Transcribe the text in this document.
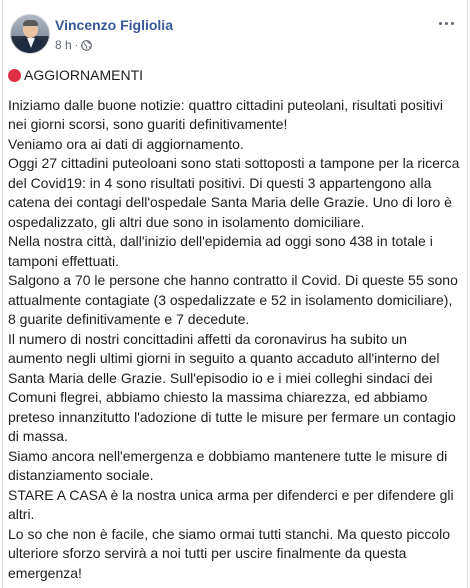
Vincenzo Figliolia
8 h ·
AGGIORNAMENTI

Iniziamo dalle buone notizie: quattro cittadini puteolani, risultati positivi nei giorni scorsi, sono guariti definitivamente!

Veniamo ora ai dati di aggiornamento.

Oggi 27 cittadini puteoloani sono stati sottoposti a tampone per la ricerca del Covid19: in 4 sono risultati positivi. Di questi 3 appartengono alla catena dei contagi dell'ospedale Santa Maria delle Grazie. Uno di loro è ospedalizzato, gli altri due sono in isolamento domiciliare.

Nella nostra città, dall'inizio dell'epidemia ad oggi sono 438 in totale i tamponi effettuati.

Salgono a 70 le persone che hanno contratto il Covid. Di queste 55 sono attualmente contagiate (3 ospedalizzate e 52 in isolamento domiciliare), 8 guarite definitivamente e 7 decedute.

Il numero di nostri concittadini affetti da coronavirus ha subito un aumento negli ultimi giorni in seguito a quanto accaduto all'interno del Santa Maria delle Grazie. Sull'episodio io e i miei colleghi sindaci dei Comuni flegrei, abbiamo chiesto la massima chiarezza, ed abbiamo preteso innanzitutto l'adozione di tutte le misure per fermare un contagio di massa.

Siamo ancora nell'emergenza e dobbiamo mantenere tutte le misure di distanziamento sociale.

STARE A CASA è la nostra unica arma per difenderci e per difendere gli altri.

Lo so che non è facile, che siamo ormai tutti stanchi. Ma questo piccolo ulteriore sforzo servirà a noi tutti per uscire finalmente da questa emergenza!
